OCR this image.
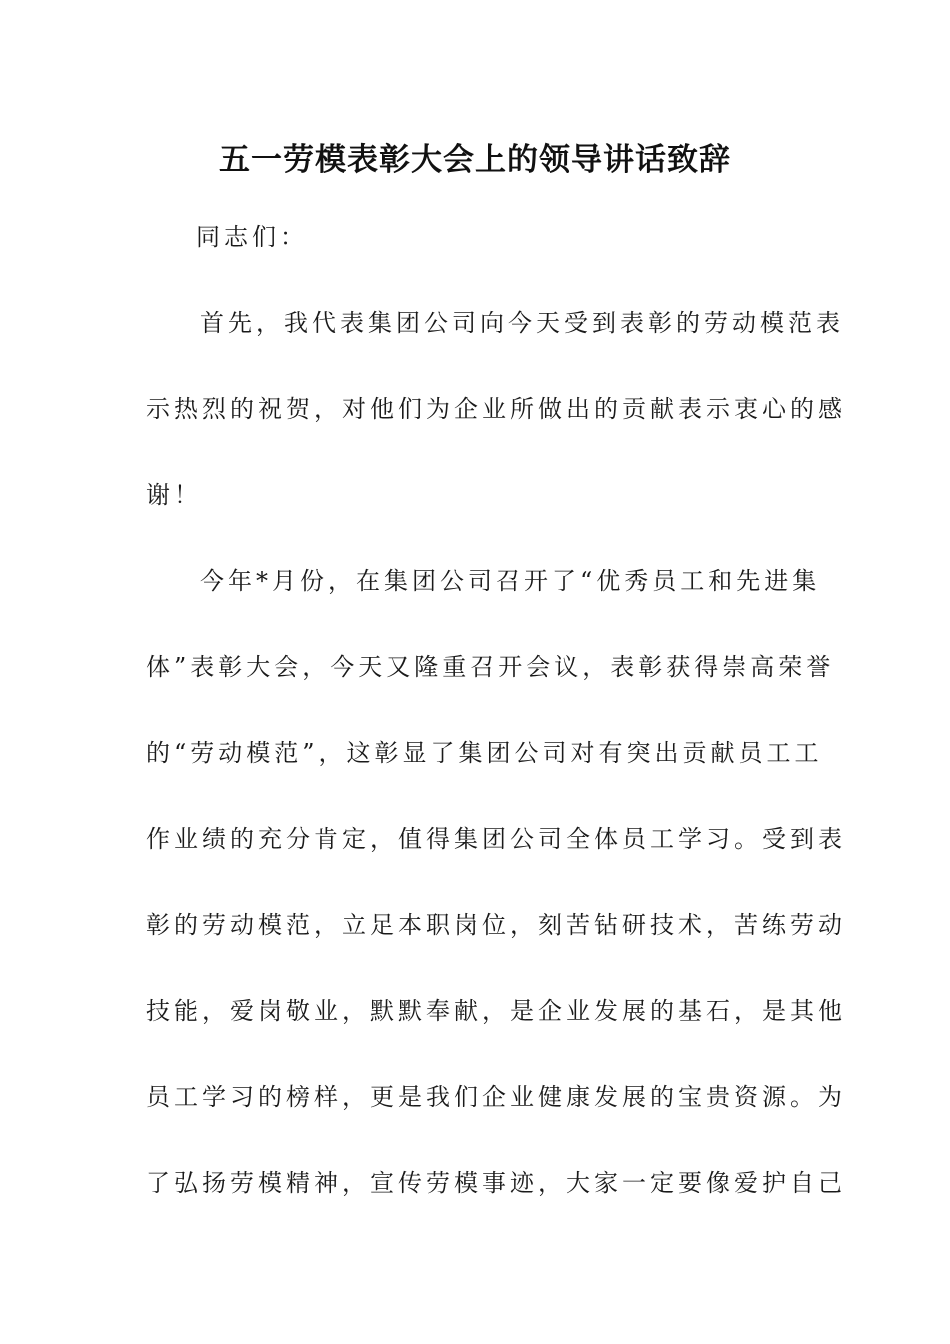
五一劳模表彰大会上的领导讲话致辞
同志们：
首先，我代表集团公司向今天受到表彰的劳动模范表
示热烈的祝贺，对他们为企业所做出的贡献表示衷心的感
谢！
今年*月份，在集团公司召开了“优秀员工和先进集
体”表彰大会，今天又隆重召开会议，表彰获得崇高荣誉
的“劳动模范”，这彰显了集团公司对有突出贡献员工工
作业绩的充分肯定，值得集团公司全体员工学习。受到表
彰的劳动模范，立足本职岗位，刻苦钻研技术，苦练劳动
技能，爱岗敬业，默默奉献，是企业发展的基石，是其他
员工学习的榜样，更是我们企业健康发展的宝贵资源。为
了弘扬劳模精神，宣传劳模事迹，大家一定要像爱护自己
